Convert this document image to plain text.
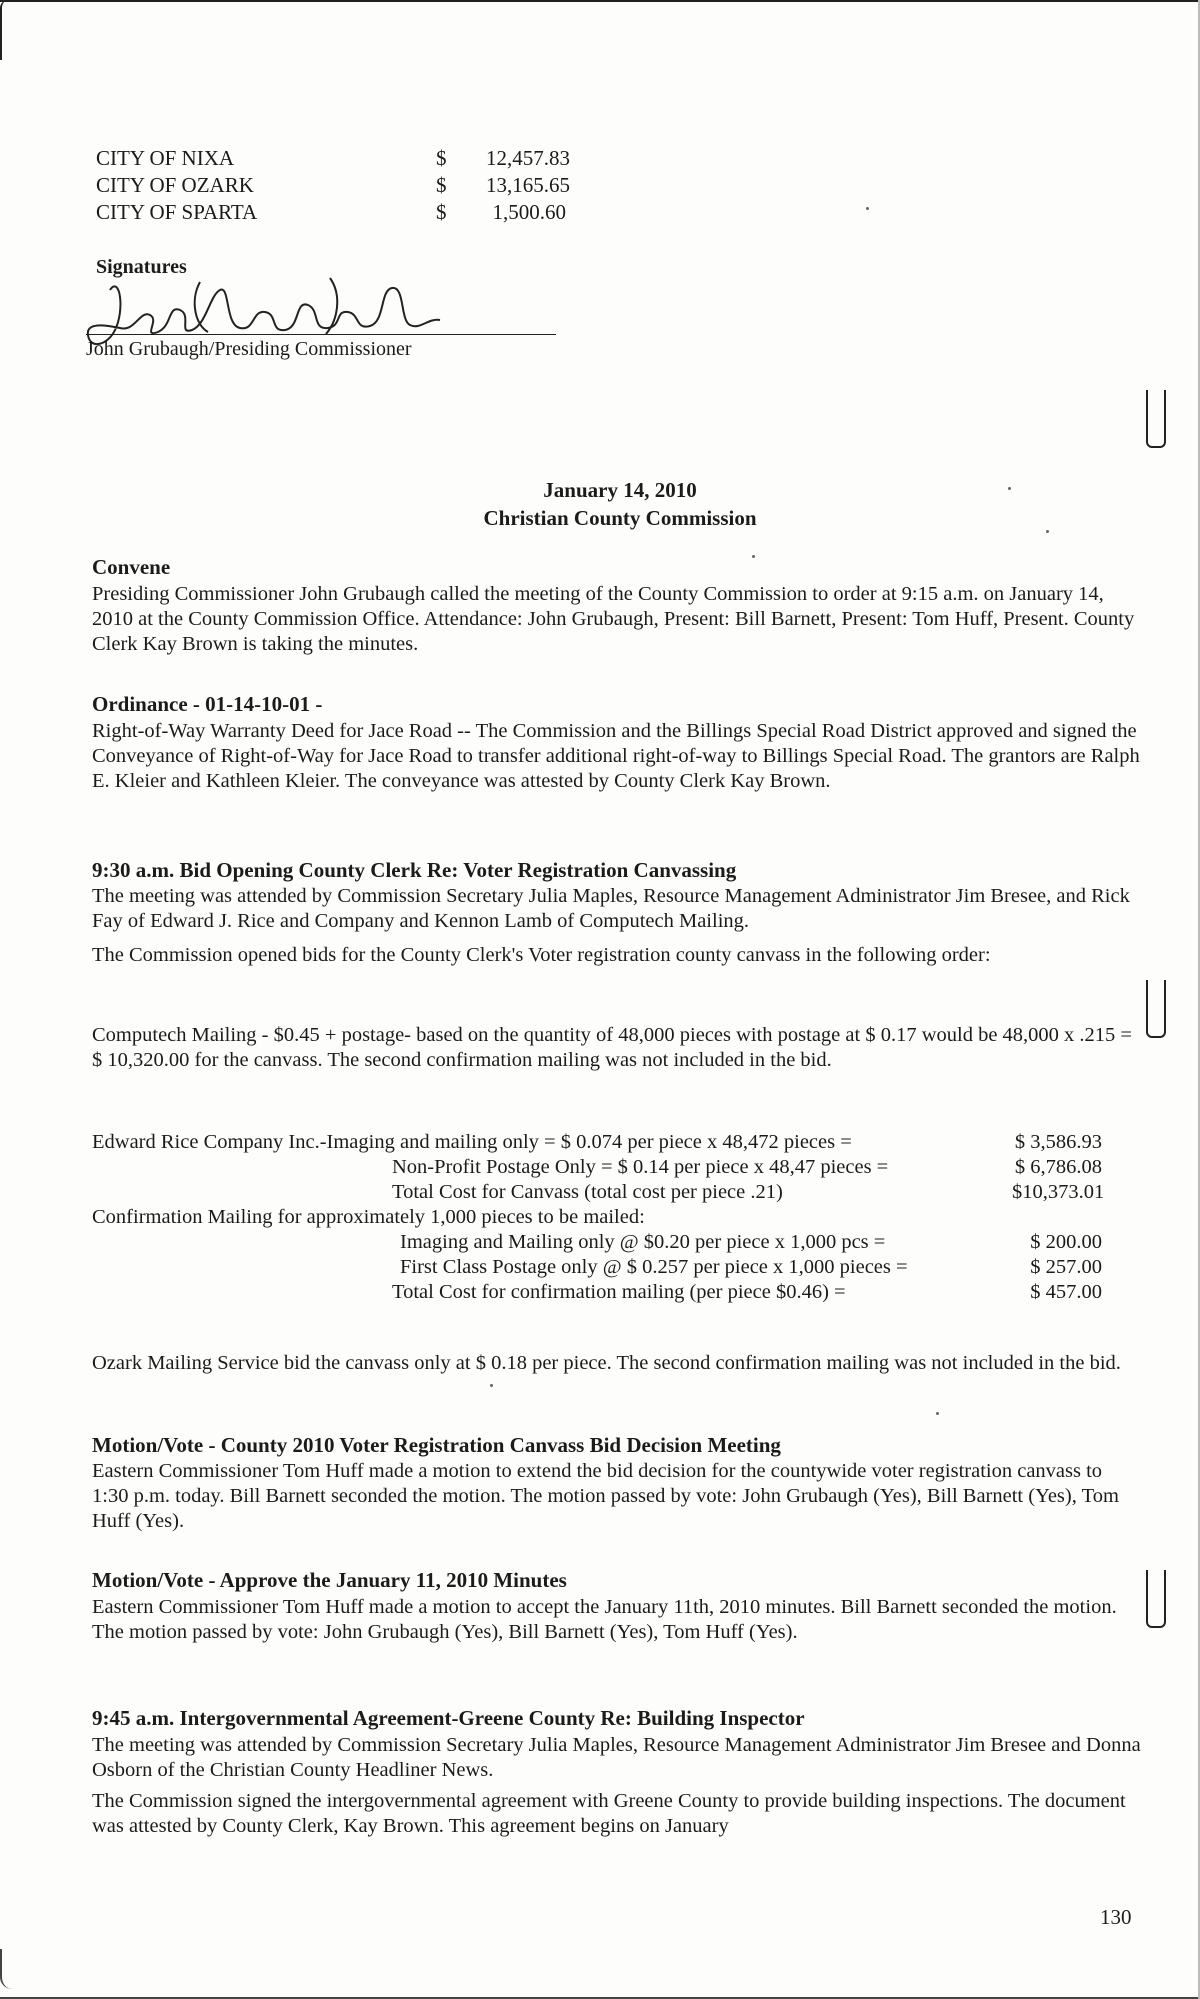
CITY OF NIXA	$	12,457.83
CITY OF OZARK	$	13,165.65
CITY OF SPARTA	$	1,500.60
Signatures
John Grubaugh/Presiding Commissioner
January 14, 2010
Christian County Commission
Convene
Presiding Commissioner John Grubaugh called the meeting of the County Commission to order at 9:15 a.m. on January 14, 2010 at the County Commission Office. Attendance: John Grubaugh, Present: Bill Barnett, Present: Tom Huff, Present. County Clerk Kay Brown is taking the minutes.
Ordinance - 01-14-10-01 -
Right-of-Way Warranty Deed for Jace Road -- The Commission and the Billings Special Road District approved and signed the Conveyance of Right-of-Way for Jace Road to transfer additional right-of-way to Billings Special Road. The grantors are Ralph E. Kleier and Kathleen Kleier. The conveyance was attested by County Clerk Kay Brown.
9:30 a.m. Bid Opening County Clerk Re: Voter Registration Canvassing
The meeting was attended by Commission Secretary Julia Maples, Resource Management Administrator Jim Bresee, and Rick Fay of Edward J. Rice and Company and Kennon Lamb of Computech Mailing.
The Commission opened bids for the County Clerk's Voter registration county canvass in the following order:
Computech Mailing - $0.45 + postage- based on the quantity of 48,000 pieces with postage at $ 0.17 would be 48,000 x .215 = $ 10,320.00 for the canvass. The second confirmation mailing was not included in the bid.
Edward Rice Company Inc.-Imaging and mailing only = $ 0.074 per piece x 48,472 pieces =	$ 3,586.93
Non-Profit Postage Only = $ 0.14 per piece x 48,47 pieces =	$ 6,786.08
Total Cost for Canvass (total cost per piece .21)	$10,373.01
Confirmation Mailing for approximately 1,000 pieces to be mailed:
Imaging and Mailing only @ $0.20 per piece x 1,000 pcs =	$ 200.00
First Class Postage only @ $ 0.257 per piece x 1,000 pieces =	$ 257.00
Total Cost for confirmation mailing (per piece $0.46) =	$ 457.00
Ozark Mailing Service bid the canvass only at $ 0.18 per piece. The second confirmation mailing was not included in the bid.
Motion/Vote - County 2010 Voter Registration Canvass Bid Decision Meeting
Eastern Commissioner Tom Huff made a motion to extend the bid decision for the countywide voter registration canvass to 1:30 p.m. today. Bill Barnett seconded the motion. The motion passed by vote: John Grubaugh (Yes), Bill Barnett (Yes), Tom Huff (Yes).
Motion/Vote - Approve the January 11, 2010 Minutes
Eastern Commissioner Tom Huff made a motion to accept the January 11th, 2010 minutes. Bill Barnett seconded the motion. The motion passed by vote: John Grubaugh (Yes), Bill Barnett (Yes), Tom Huff (Yes).
9:45 a.m. Intergovernmental Agreement-Greene County Re: Building Inspector
The meeting was attended by Commission Secretary Julia Maples, Resource Management Administrator Jim Bresee and Donna Osborn of the Christian County Headliner News.
The Commission signed the intergovernmental agreement with Greene County to provide building inspections. The document was attested by County Clerk, Kay Brown. This agreement begins on January
130
